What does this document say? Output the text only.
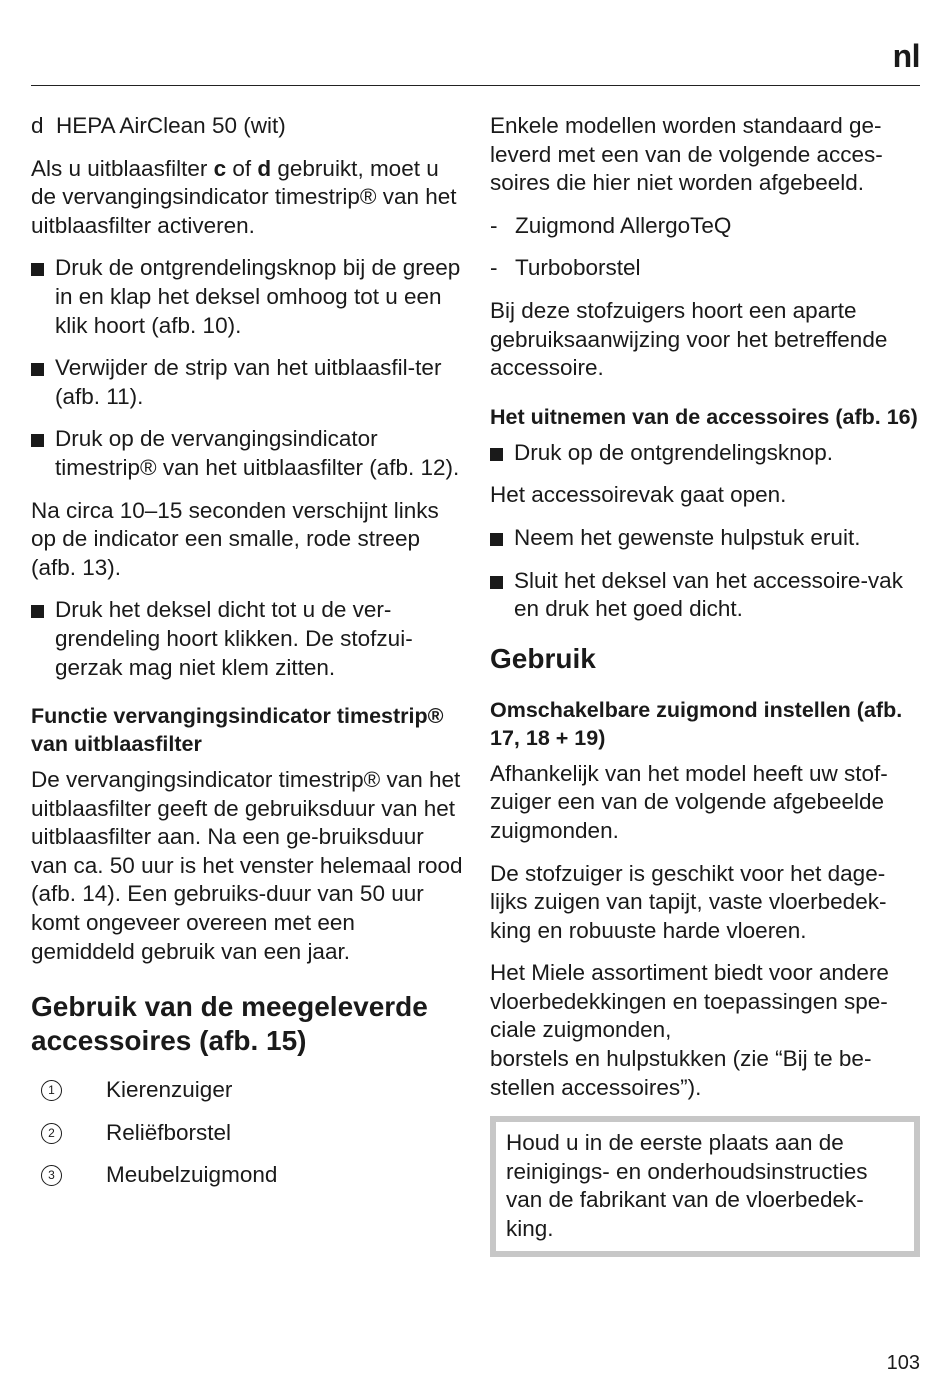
nl

d HEPA AirClean 50 (wit)

Als u uitblaasfilter c of d gebruikt, moet u de vervangingsindicator timestrip® van het uitblaasfilter activeren.

Druk de ontgrendelingsknop bij de greep in en klap het deksel omhoog tot u een klik hoort (afb. 10).
Verwijder de strip van het uitblaasfil-ter (afb. 11).
Druk op de vervangingsindicator timestrip® van het uitblaasfilter (afb. 12).

Na circa 10–15 seconden verschijnt links op de indicator een smalle, rode streep (afb. 13).

Druk het deksel dicht tot u de ver-grendeling hoort klikken. De stofzui-gerzak mag niet klem zitten.
Functie vervangingsindicator timestrip® van uitblaasfilter

De vervangingsindicator timestrip® van het uitblaasfilter geeft de gebruiksduur van het uitblaasfilter aan. Na een ge-bruiksduur van ca. 50 uur is het venster helemaal rood (afb. 14). Een gebruiks-duur van 50 uur komt ongeveer overeen met een gemiddeld gebruik van een jaar.

Gebruik van de meegeleverde accessoires (afb. 15)
1	Kierenzuiger
2	Reliëfborstel
3	Meubelzuigmond

Enkele modellen worden standaard ge-leverd met een van de volgende acces-soires die hier niet worden afgebeeld.

- Zuigmond AllergoTeQ
- Turboborstel

Bij deze stofzuigers hoort een aparte gebruiksaanwijzing voor het betreffende accessoire.

Het uitnemen van de accessoires (afb. 16)
Druk op de ontgrendelingsknop.

Het accessoirevak gaat open.

Neem het gewenste hulpstuk eruit.
Sluit het deksel van het accessoire-vak en druk het goed dicht.
Gebruik
Omschakelbare zuigmond instellen (afb. 17, 18 + 19)

Afhankelijk van het model heeft uw stof-zuiger een van de volgende afgebeelde zuigmonden.

De stofzuiger is geschikt voor het dage-lijks zuigen van tapijt, vaste vloerbedek-king en robuuste harde vloeren.

Het Miele assortiment biedt voor andere vloerbedekkingen en toepassingen spe-ciale zuigmonden,
borstels en hulpstukken (zie “Bij te be-stellen accessoires”).

Houd u in de eerste plaats aan de reinigings- en onderhoudsinstructies van de fabrikant van de vloerbedek-king.
103
